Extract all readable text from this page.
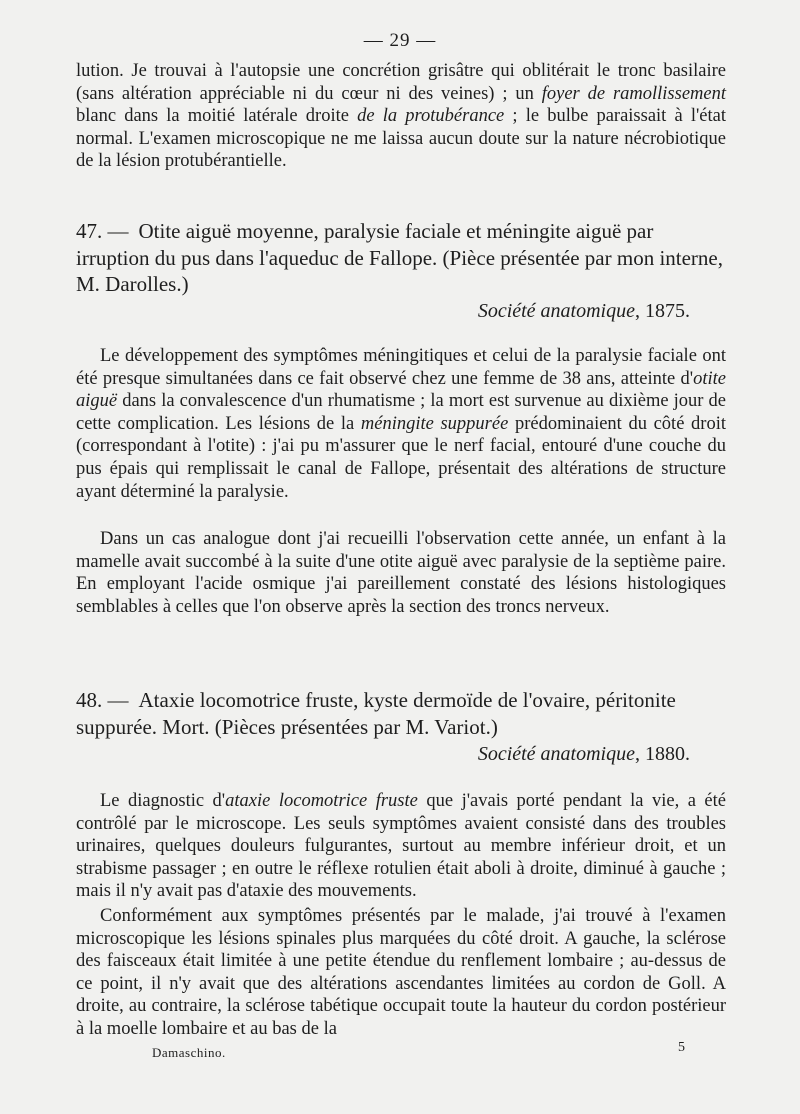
— 29 —

lution. Je trouvai à l'autopsie une concrétion grisâtre qui oblitérait le tronc basilaire (sans altération appréciable ni du cœur ni des veines) ; un foyer de ramollissement blanc dans la moitié latérale droite de la protubérance ; le bulbe paraissait à l'état normal. L'examen microscopique ne me laissa aucun doute sur la nature nécrobiotique de la lésion protubérantielle.

47. — Otite aiguë moyenne, paralysie faciale et méningite aiguë par irruption du pus dans l'aqueduc de Fallope. (Pièce présentée par mon interne, M. Darolles.)
Société anatomique, 1875.

Le développement des symptômes méningitiques et celui de la paralysie faciale ont été presque simultanées dans ce fait observé chez une femme de 38 ans, atteinte d'otite aiguë dans la convalescence d'un rhumatisme ; la mort est survenue au dixième jour de cette complication. Les lésions de la méningite suppurée prédominaient du côté droit (correspondant à l'otite) : j'ai pu m'assurer que le nerf facial, entouré d'une couche du pus épais qui remplissait le canal de Fallope, présentait des altérations de structure ayant déterminé la paralysie.

Dans un cas analogue dont j'ai recueilli l'observation cette année, un enfant à la mamelle avait succombé à la suite d'une otite aiguë avec paralysie de la septième paire. En employant l'acide osmique j'ai pareillement constaté des lésions histologiques semblables à celles que l'on observe après la section des troncs nerveux.

48. — Ataxie locomotrice fruste, kyste dermoïde de l'ovaire, péritonite suppurée. Mort. (Pièces présentées par M. Variot.)
Société anatomique, 1880.

Le diagnostic d'ataxie locomotrice fruste que j'avais porté pendant la vie, a été contrôlé par le microscope. Les seuls symptômes avaient consisté dans des troubles urinaires, quelques douleurs fulgurantes, surtout au membre inférieur droit, et un strabisme passager ; en outre le réflexe rotulien était aboli à droite, diminué à gauche ; mais il n'y avait pas d'ataxie des mouvements.

Conformément aux symptômes présentés par le malade, j'ai trouvé à l'examen microscopique les lésions spinales plus marquées du côté droit. A gauche, la sclérose des faisceaux était limitée à une petite étendue du renflement lombaire ; au-dessus de ce point, il n'y avait que des altérations ascendantes limitées au cordon de Goll. A droite, au contraire, la sclérose tabétique occupait toute la hauteur du cordon postérieur à la moelle lombaire et au bas de la

Damaschino.	5
